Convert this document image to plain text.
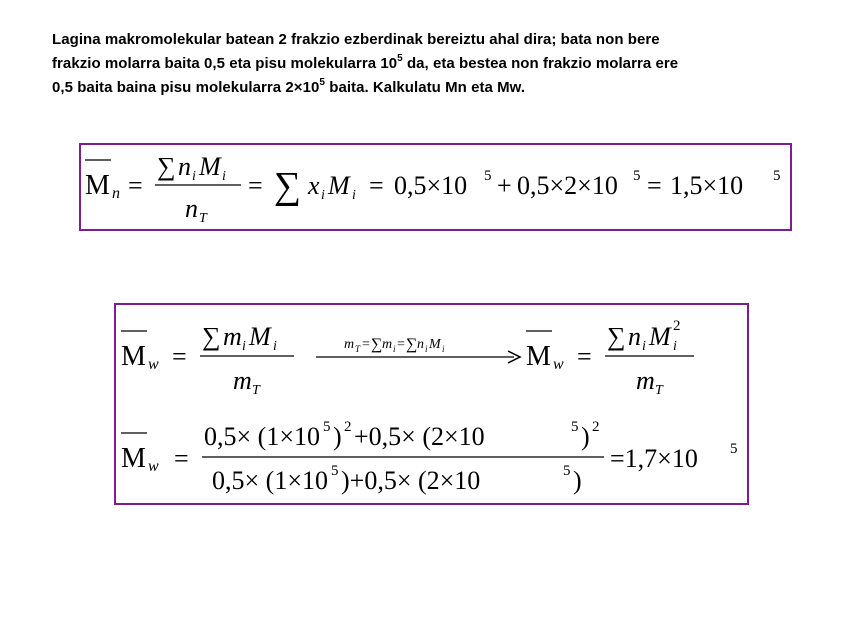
Lagina makromolekular batean 2 frakzio ezberdinak bereiztu ahal dira; bata non bere
frakzio molarra baita 0,5 eta pisu molekularra $10^5$ da, eta bestea non frakzio molarra ere
0,5 baita baina pisu molekularra $2\times 10^5$ baita. Kalkulatu Mn eta Mw.
M n =
∑ n i M i
n T
= ∑ x i M i = 0,5×10 5 + 0,5×2×10 5 = 1,5×10 5
M w =
∑ m i M i
m T
m T = ∑ m i = ∑ n i M i	M w =
∑ n i M i
2
m T
M w =
0,5× (1×10 5 ) 2 +0,5× (2×10	5 ) 2
0,5× (1×10 5 )+0,5× (2×10	5 )
=1,7×10 5
